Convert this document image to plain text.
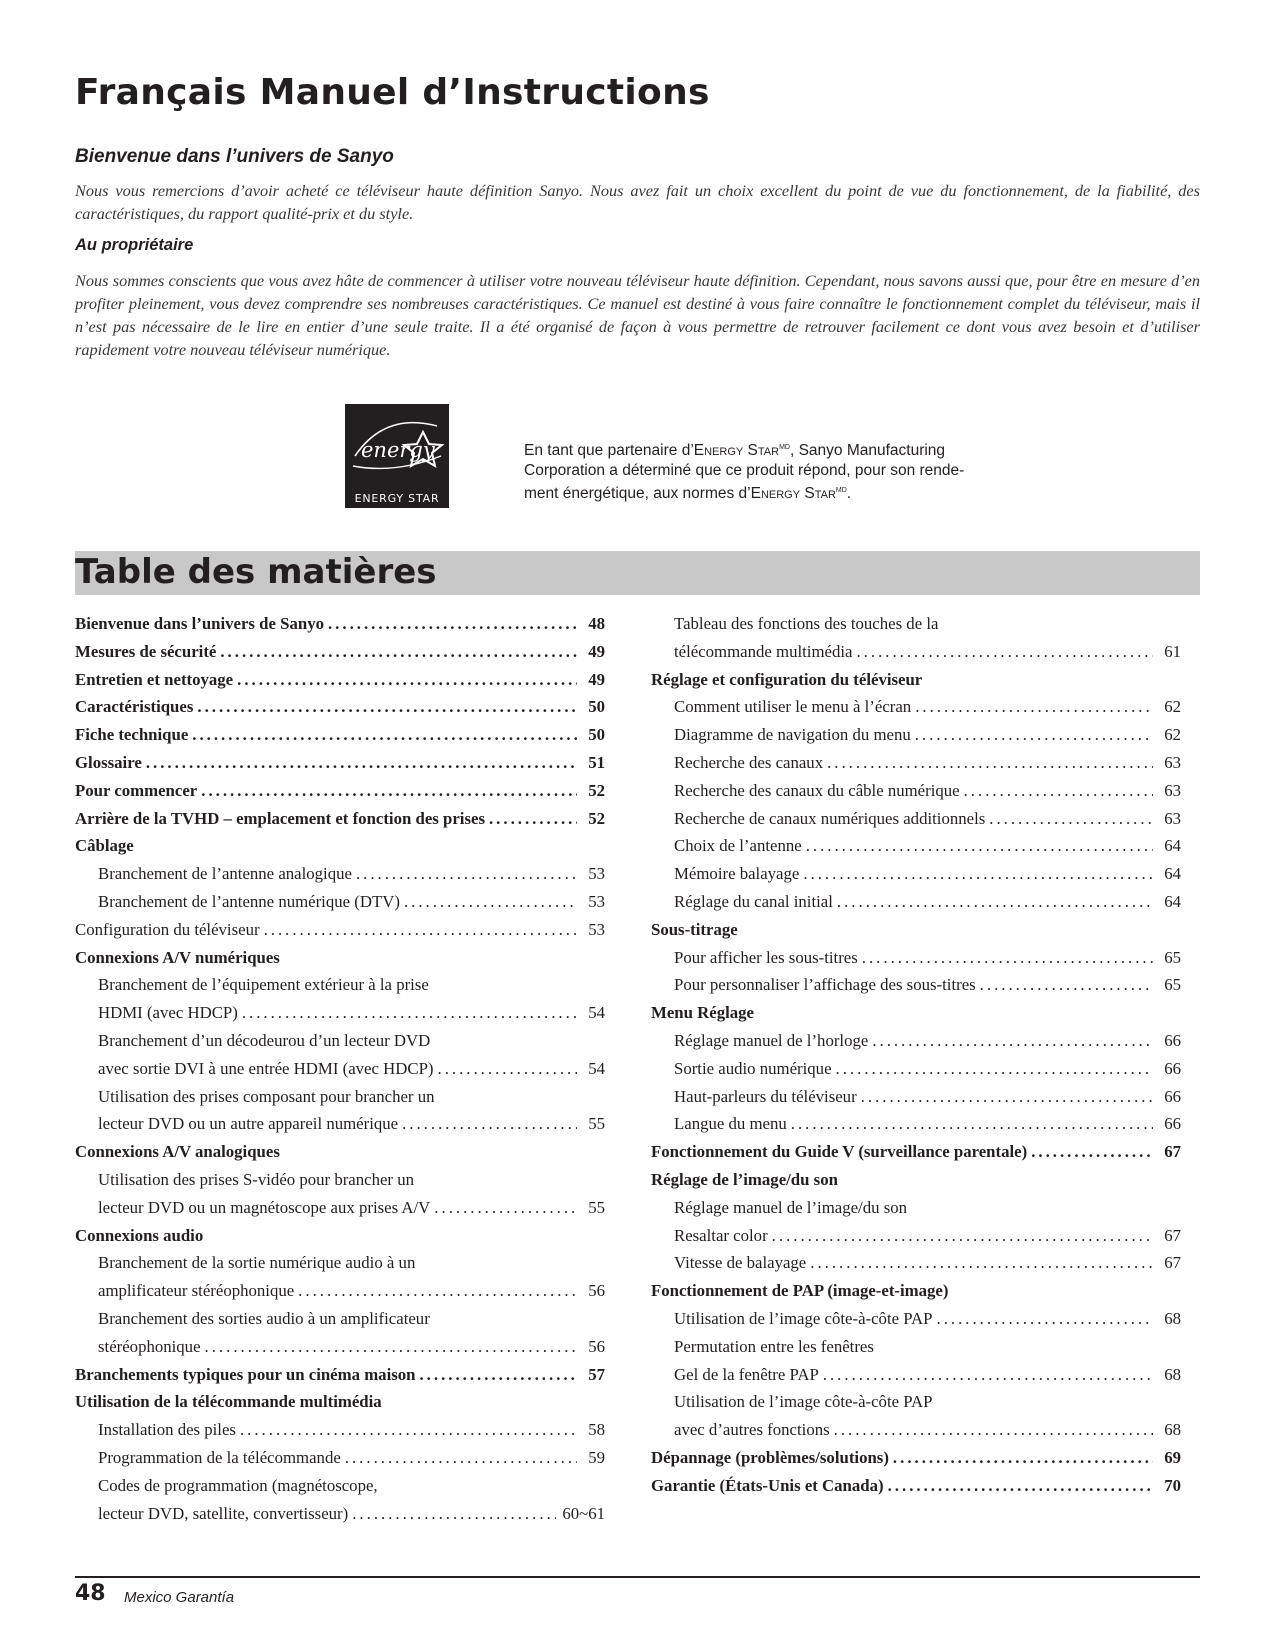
Français Manuel d’Instructions
Bienvenue dans l’univers de Sanyo

Nous vous remercions d’avoir acheté ce téléviseur haute définition Sanyo. Nous avez fait un choix excellent du point de vue du fonctionnement, de la fiabilité, des caractéristiques, du rapport qualité-prix et du style.

Au propriétaire

Nous sommes conscients que vous avez hâte de commencer à utiliser votre nouveau téléviseur haute définition. Cependant, nous savons aussi que, pour être en mesure d’en profiter pleinement, vous devez comprendre ses nombreuses caractéristiques. Ce manuel est destiné à vous faire connaître le fonctionnement complet du téléviseur, mais il n’est pas nécessaire de le lire en entier d’une seule traite. Il a été organisé de façon à vous permettre de retrouver facilement ce dont vous avez besoin et d’utiliser rapidement votre nouveau téléviseur numérique.

energy
ENERGY STAR

En tant que partenaire d’Energy Star$^{MD}$, Sanyo Manufacturing Corporation a déterminé que ce produit répond, pour son rende-ment énergétique, aux normes d’Energy Star$^{MD}$.

Table des matières
Bienvenue dans l’univers de Sanyo .....	48
Mesures de sécurité .....	49
Entretien et nettoyage .....	49
Caractéristiques .....	50
Fiche technique .....	50
Glossaire .....	51
Pour commencer .....	52
Arrière de la TVHD – emplacement et fonction des prises .....	52
Câblage
Branchement de l’antenne analogique .....	53
Branchement de l’antenne numérique (DTV) .....	53
Configuration du téléviseur .....	53
Connexions A/V numériques
Branchement de l’équipement extérieur à la prise
HDMI (avec HDCP) .....	54
Branchement d’un décodeurou d’un lecteur DVD
avec sortie DVI à une entrée HDMI (avec HDCP) .....	54
Utilisation des prises composant pour brancher un
lecteur DVD ou un autre appareil numérique .....	55
Connexions A/V analogiques
Utilisation des prises S-vidéo pour brancher un
lecteur DVD ou un magnétoscope aux prises A/V .....	55
Connexions audio
Branchement de la sortie numérique audio à un
amplificateur stéréophonique .....	56
Branchement des sorties audio à un amplificateur
stéréophonique .....	56
Branchements typiques pour un cinéma maison .....	57
Utilisation de la télécommande multimédia
Installation des piles .....	58
Programmation de la télécommande .....	59
Codes de programmation (magnétoscope,
lecteur DVD, satellite, convertisseur) .....	60~61
Tableau des fonctions des touches de la
télécommande multimédia .....	61
Réglage et configuration du téléviseur
Comment utiliser le menu à l’écran .....	62
Diagramme de navigation du menu .....	62
Recherche des canaux .....	63
Recherche des canaux du câble numérique .....	63
Recherche de canaux numériques additionnels .....	63
Choix de l’antenne .....	64
Mémoire balayage .....	64
Réglage du canal initial .....	64
Sous-titrage
Pour afficher les sous-titres .....	65
Pour personnaliser l’affichage des sous-titres .....	65
Menu Réglage
Réglage manuel de l’horloge .....	66
Sortie audio numérique .....	66
Haut-parleurs du téléviseur .....	66
Langue du menu .....	66
Fonctionnement du Guide V (surveillance parentale) .....	67
Réglage de l’image/du son
Réglage manuel de l’image/du son
Resaltar color .....	67
Vitesse de balayage .....	67
Fonctionnement de PAP (image-et-image)
Utilisation de l’image côte-à-côte PAP .....	68
Permutation entre les fenêtres
Gel de la fenêtre PAP .....	68
Utilisation de l’image côte-à-côte PAP
avec d’autres fonctions .....	68
Dépannage (problèmes/solutions) .....	69
Garantie (États-Unis et Canada) .....	70

48 Mexico Garantía
